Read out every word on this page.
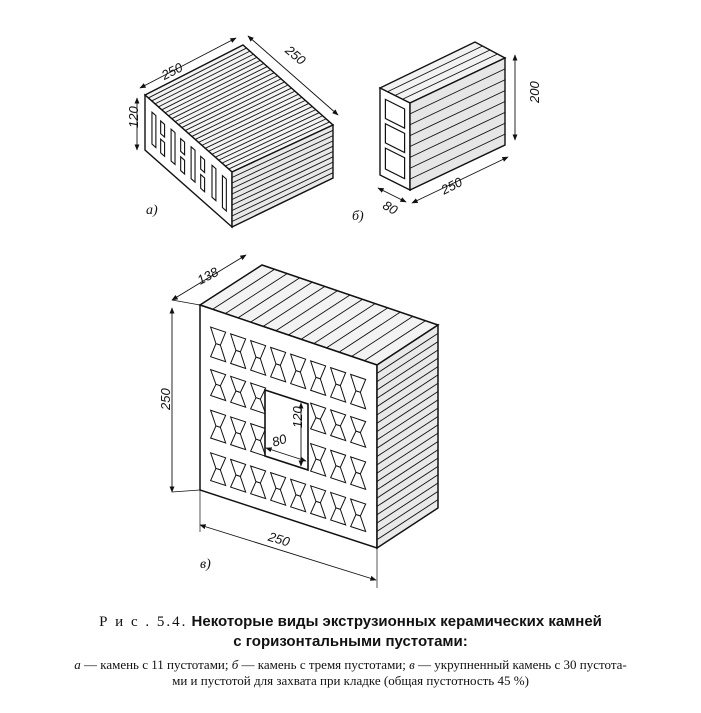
250
250
120
а)
200
250
80
б)
138
250
250
120
80
в)

Р и с . 5.4. Некоторые виды экструзионных керамических камней
с горизонтальными пустотами:

а — камень с 11 пустотами; б — камень с тремя пустотами; в — укрупненный камень с 30 пустота-
ми и пустотой для захвата при кладке (общая пустотность 45 %)
